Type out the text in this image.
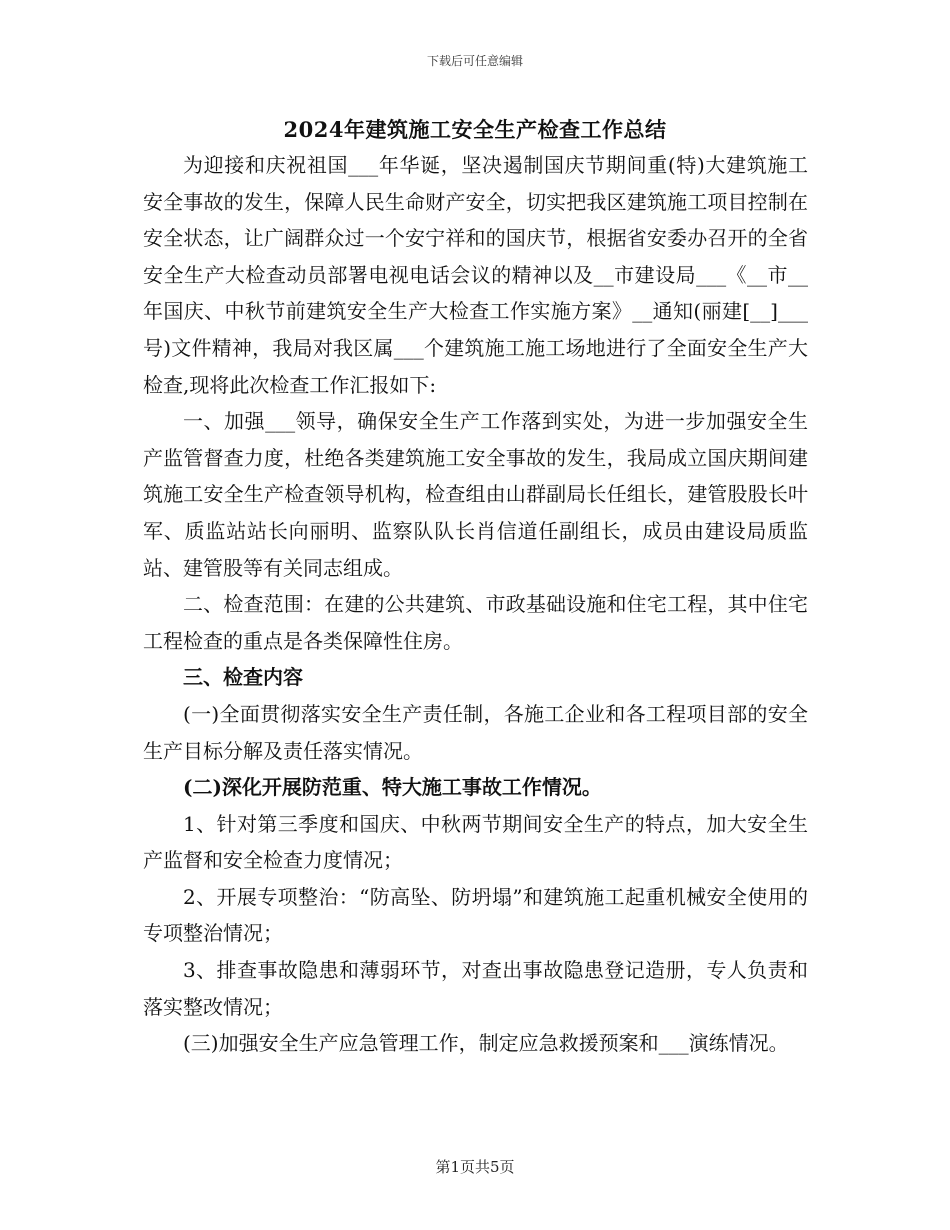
下载后可任意编辑
2024年建筑施工安全生产检查工作总结

为迎接和庆祝祖国___年华诞，坚决遏制国庆节期间重(特)大建筑施工安全事故的发生，保障人民生命财产安全，切实把我区建筑施工项目控制在安全状态，让广阔群众过一个安宁祥和的国庆节，根据省安委办召开的全省安全生产大检查动员部署电视电话会议的精神以及__市建设局___《__市__年国庆、中秋节前建筑安全生产大检查工作实施方案》__通知(丽建[__]___号)文件精神，我局对我区属___个建筑施工施工场地进行了全面安全生产大检查,现将此次检查工作汇报如下:

一、加强___领导，确保安全生产工作落到实处，为进一步加强安全生产监管督查力度，杜绝各类建筑施工安全事故的发生，我局成立国庆期间建筑施工安全生产检查领导机构，检查组由山群副局长任组长，建管股股长叶军、质监站站长向丽明、监察队队长肖信道任副组长，成员由建设局质监站、建管股等有关同志组成。

二、检查范围：在建的公共建筑、市政基础设施和住宅工程，其中住宅工程检查的重点是各类保障性住房。

三、检查内容

(一)全面贯彻落实安全生产责任制，各施工企业和各工程项目部的安全生产目标分解及责任落实情况。

(二)深化开展防范重、特大施工事故工作情况。

1、针对第三季度和国庆、中秋两节期间安全生产的特点，加大安全生产监督和安全检查力度情况；

2、开展专项整治：“防高坠、防坍塌”和建筑施工起重机械安全使用的专项整治情况；

3、排查事故隐患和薄弱环节，对查出事故隐患登记造册，专人负责和落实整改情况；

(三)加强安全生产应急管理工作，制定应急救援预案和___演练情况。

第1页共5页
